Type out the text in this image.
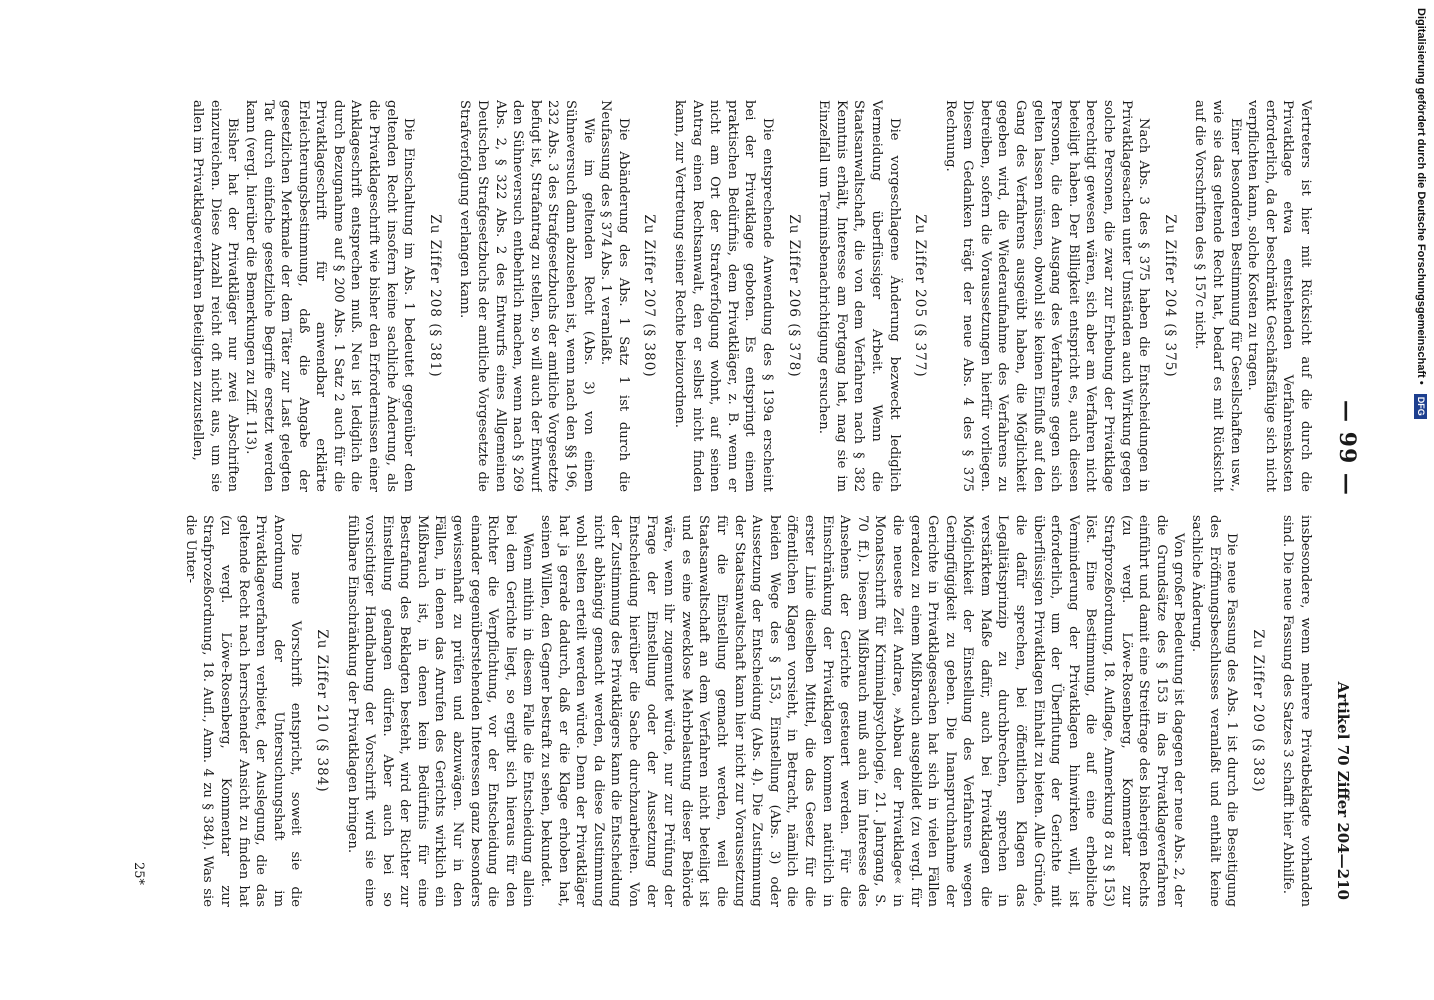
— 99 —
Artikel 70 Ziffer 204—210

Vertreters ist hier mit Rücksicht auf die durch die Privatklage etwa entstehenden Verfahrenskosten erforderlich, da der beschränkt Geschäftsfähige sich nicht verpflichten kann, solche Kosten zu tragen.

Einer besonderen Bestimmung für Gesellschaften usw., wie sie das geltende Recht hat, bedarf es mit Rücksicht auf die Vorschriften des § 157c nicht.

Zu Ziffer 204 (§ 375)

Nach Abs. 3 des § 375 haben die Entscheidungen in Privatklagesachen unter Umständen auch Wirkung gegen solche Personen, die zwar zur Erhebung der Privatklage berechtigt gewesen wären, sich aber am Verfahren nicht beteiligt haben. Der Billigkeit entspricht es, auch diesen Personen, die den Ausgang des Verfahrens gegen sich gelten lassen müssen, obwohl sie keinen Einfluß auf den Gang des Verfahrens ausgeübt haben, die Möglichkeit gegeben wird, die Wiederaufnahme des Verfahrens zu betreiben, sofern die Voraussetzungen hierfür vorliegen. Diesem Gedanken trägt der neue Abs. 4 des § 375 Rechnung.

Zu Ziffer 205 (§ 377)

Die vorgeschlagene Änderung bezweckt lediglich Vermeidung überflüssiger Arbeit. Wenn die Staatsanwaltschaft, die von dem Verfahren nach § 382 Kenntnis erhält, Interesse am Fortgang hat, mag sie im Einzelfall um Terminsbenachrichtigung ersuchen.

Zu Ziffer 206 (§ 378)

Die entsprechende Anwendung des § 139a erscheint bei der Privatklage geboten. Es entspringt einem praktischen Bedürfnis, dem Privatkläger, z. B. wenn er nicht am Ort der Strafverfolgung wohnt, auf seinen Antrag einen Rechtsanwalt, den er selbst nicht finden kann, zur Vertretung seiner Rechte beizuordnen.

Zu Ziffer 207 (§ 380)

Die Abänderung des Abs. 1 Satz 1 ist durch die Neufassung des § 374 Abs. 1 veranlaßt.

Wie im geltenden Recht (Abs. 3) von einem Sühneversuch dann abzusehen ist, wenn nach den §§ 196, 232 Abs. 3 des Strafgesetzbuchs der amtliche Vorgesetzte befugt ist, Strafantrag zu stellen, so will auch der Entwurf den Sühneversuch entbehrlich machen, wenn nach § 269 Abs. 2, § 322 Abs. 2 des Entwurfs eines Allgemeinen Deutschen Strafgesetzbuchs der amtliche Vorgesetzte die Strafverfolgung verlangen kann.

Zu Ziffer 208 (§ 381)

Die Einschaltung im Abs. 1 bedeutet gegenüber dem geltenden Recht insofern keine sachliche Änderung, als die Privatklageschrift wie bisher den Erfordernissen einer Anklageschrift entsprechen muß. Neu ist lediglich die durch Bezugnahme auf § 200 Abs. 1 Satz 2 auch für die Privatklageschrift für anwendbar erklärte Erleichterungsbestimmung, daß die Angabe der gesetzlichen Merkmale der dem Täter zur Last gelegten Tat durch einfache gesetzliche Begriffe ersetzt werden kann (vergl. hierüber die Bemerkungen zu Ziff. 113).

Bisher hat der Privatkläger nur zwei Abschriften einzureichen. Diese Anzahl reicht oft nicht aus, um sie allen im Privatklageverfahren Beteiligten zuzustellen,

insbesondere, wenn mehrere Privatbeklagte vorhanden sind. Die neue Fassung des Satzes 3 schafft hier Abhilfe.

Zu Ziffer 209 (§ 383)

Die neue Fassung des Abs. 1 ist durch die Beseitigung des Eröffnungsbeschlusses veranlaßt und enthält keine sachliche Änderung.

Von großer Bedeutung ist dagegen der neue Abs. 2, der die Grundsätze des § 153 in das Privatklageverfahren einführt und damit eine Streitfrage des bisherigen Rechts (zu vergl. Löwe-Rosenberg, Kommentar zur Strafprozeßordnung, 18. Auflage, Anmerkung 8 zu § 153) löst. Eine Bestimmung, die auf eine erhebliche Verminderung der Privatklagen hinwirken will, ist erforderlich, um der Überflutung der Gerichte mit überflüssigen Privatklagen Einhalt zu bieten. Alle Gründe, die dafür sprechen, bei öffentlichen Klagen das Legalitätsprinzip zu durchbrechen, sprechen in verstärktem Maße dafür, auch bei Privatklagen die Möglichkeit der Einstellung des Verfahrens wegen Geringfügigkeit zu geben. Die Inanspruchnahme der Gerichte in Privatklagesachen hat sich in vielen Fällen geradezu zu einem Mißbrauch ausgebildet (zu vergl. für die neueste Zeit Andrae, »Abbau der Privatklage« in Monatsschrift für Kriminalpsychologie, 21. Jahrgang, S. 70 ff.). Diesem Mißbrauch muß auch im Interesse des Ansehens der Gerichte gesteuert werden. Für die Einschränkung der Privatklagen kommen natürlich in erster Linie dieselben Mittel, die das Gesetz für die öffentlichen Klagen vorsieht, in Betracht, nämlich die beiden Wege des § 153, Einstellung (Abs. 3) oder Aussetzung der Entscheidung (Abs. 4). Die Zustimmung der Staatsanwaltschaft kann hier nicht zur Voraussetzung für die Einstellung gemacht werden, weil die Staatsanwaltschaft an dem Verfahren nicht beteiligt ist und es eine zwecklose Mehrbelastung dieser Behörde wäre, wenn ihr zugemutet würde, nur zur Prüfung der Frage der Einstellung oder der Aussetzung der Entscheidung hierüber die Sache durchzuarbeiten. Von der Zustimmung des Privatklägers kann die Entscheidung nicht abhängig gemacht werden, da diese Zustimmung wohl selten erteilt werden würde. Denn der Privatkläger hat ja gerade dadurch, daß er die Klage erhoben hat, seinen Willen, den Gegner bestraft zu sehen, bekundet.

Wenn mithin in diesem Falle die Entscheidung allein bei dem Gerichte liegt, so ergibt sich hieraus für den Richter die Verpflichtung, vor der Entscheidung die einander gegenüberstehenden Interessen ganz besonders gewissenhaft zu prüfen und abzuwägen. Nur in den Fällen, in denen das Anrufen des Gerichts wirklich ein Mißbrauch ist, in denen kein Bedürfnis für eine Bestrafung des Beklagten besteht, wird der Richter zur Einstellung gelangen dürfen. Aber auch bei so vorsichtiger Handhabung der Vorschrift wird sie eine fühlbare Einschränkung der Privatklagen bringen.

Zu Ziffer 210 (§ 384)

Die neue Vorschrift entspricht, soweit sie die Anordnung der Untersuchungshaft im Privatklageverfahren verbietet, der Auslegung, die das geltende Recht nach herrschender Ansicht zu finden hat (zu vergl. Löwe-Rosenberg, Kommentar zur Strafprozeßordnung, 18. Aufl., Anm. 4 zu § 384). Was sie die Unter-

25*
Digitalisierung gefördert durch die Deutsche Forschungsgemeinschaft • DFG
